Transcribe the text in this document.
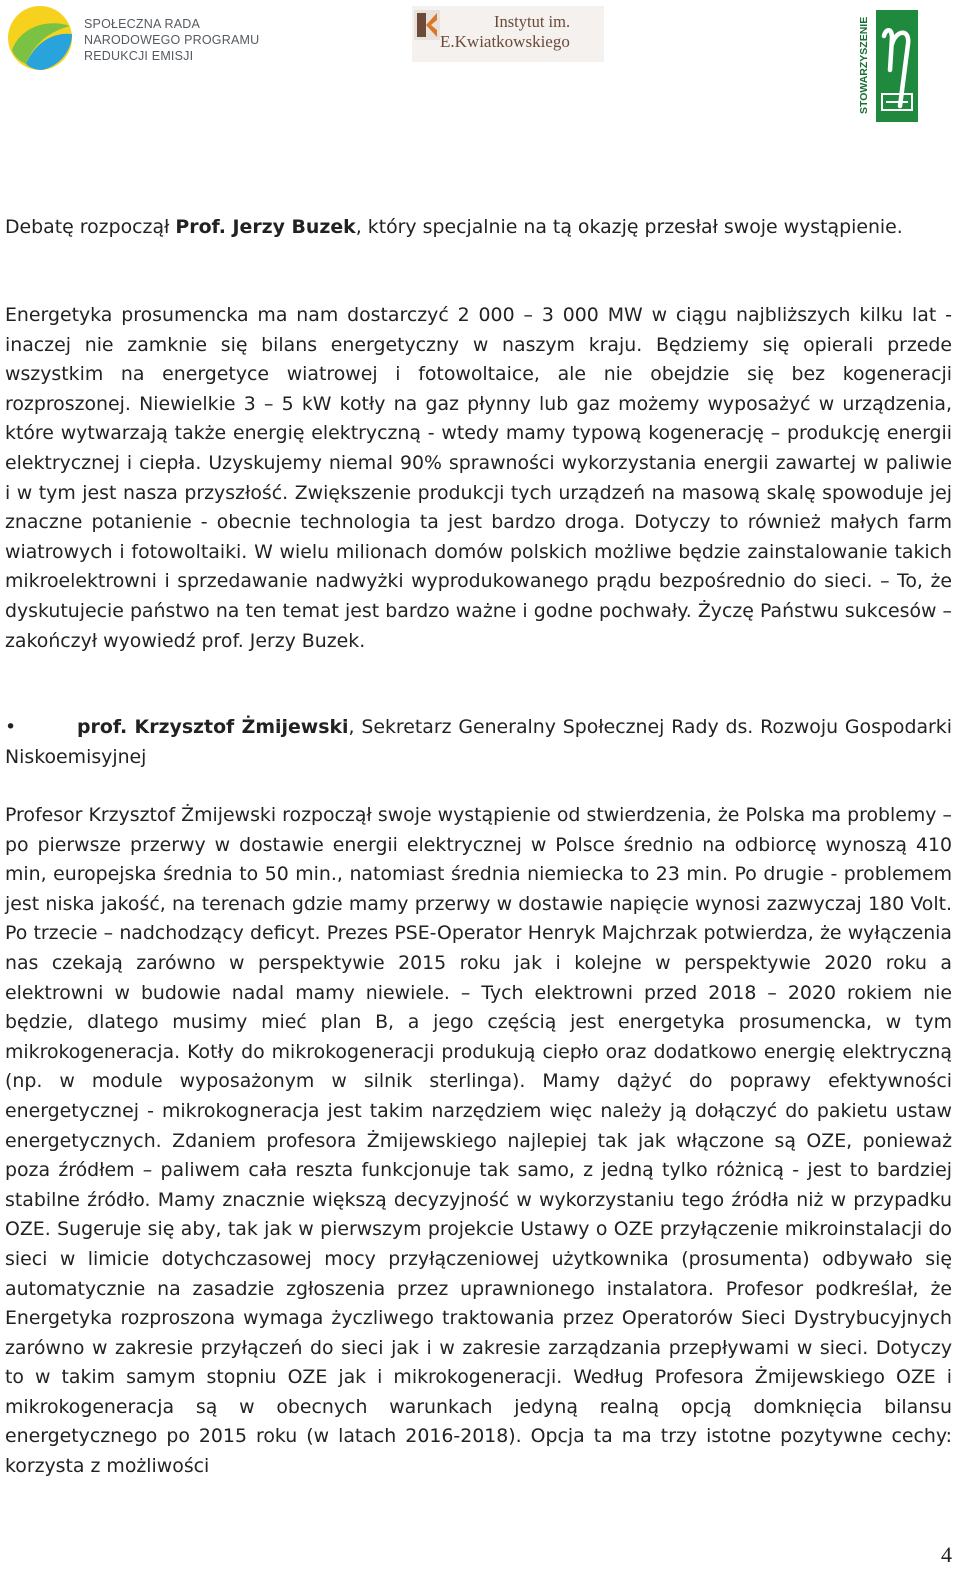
SPOŁECZNA RADA
NARODOWEGO PROGRAMU
REDUKCJI EMISJI
Instytut im.
E.Kwiatkowskiego	STOWARZYSZENIE

Debatę rozpoczął Prof. Jerzy Buzek, który specjalnie na tą okazję przesłał swoje wystąpienie.

Energetyka prosumencka ma nam dostarczyć 2 000 – 3 000 MW w ciągu najbliższych kilku lat - inaczej nie zamknie się bilans energetyczny w naszym kraju. Będziemy się opierali przede wszystkim na energetyce wiatrowej i fotowoltaice, ale nie obejdzie się bez kogeneracji rozproszonej. Niewielkie 3 – 5 kW kotły na gaz płynny lub gaz możemy wyposażyć w urządzenia, które wytwarzają także energię elektryczną - wtedy mamy typową kogenerację – produkcję energii elektrycznej i ciepła. Uzyskujemy niemal 90% sprawności wykorzystania energii zawartej w paliwie i w tym jest nasza przyszłość. Zwiększenie produkcji tych urządzeń na masową skalę spowoduje jej znaczne potanienie - obecnie technologia ta jest bardzo droga. Dotyczy to również małych farm wiatrowych i fotowoltaiki. W wielu milionach domów polskich możliwe będzie zainstalowanie takich mikroelektrowni i sprzedawanie nadwyżki wyprodukowanego prądu bezpośrednio do sieci. – To, że dyskutujecie państwo na ten temat jest bardzo ważne i godne pochwały. Życzę Państwu sukcesów – zakończył wyowiedź prof. Jerzy Buzek.

•	prof. Krzysztof Żmijewski, Sekretarz Generalny Społecznej Rady ds. Rozwoju Gospodarki Niskoemisyjnej

Profesor Krzysztof Żmijewski rozpoczął swoje wystąpienie od stwierdzenia, że Polska ma problemy – po pierwsze przerwy w dostawie energii elektrycznej w Polsce średnio na odbiorcę wynoszą 410 min, europejska średnia to 50 min., natomiast średnia niemiecka to 23 min. Po drugie - problemem jest niska jakość, na terenach gdzie mamy przerwy w dostawie napięcie wynosi zazwyczaj 180 Volt. Po trzecie – nadchodzący deficyt. Prezes PSE-Operator Henryk Majchrzak potwierdza, że wyłączenia nas czekają zarówno w perspektywie 2015 roku jak i kolejne w perspektywie 2020 roku a elektrowni w budowie nadal mamy niewiele. – Tych elektrowni przed 2018 – 2020 rokiem nie będzie, dlatego musimy mieć plan B, a jego częścią jest energetyka prosumencka, w tym mikrokogeneracja. Kotły do mikrokogeneracji produkują ciepło oraz dodatkowo energię elektryczną (np. w module wyposażonym w silnik sterlinga). Mamy dążyć do poprawy efektywności energetycznej - mikrokogneracja jest takim narzędziem więc należy ją dołączyć do pakietu ustaw energetycznych. Zdaniem profesora Żmijewskiego najlepiej tak jak włączone są OZE, ponieważ poza źródłem – paliwem cała reszta funkcjonuje tak samo, z jedną tylko różnicą - jest to bardziej stabilne źródło. Mamy znacznie większą decyzyjność w wykorzystaniu tego źródła niż w przypadku OZE. Sugeruje się aby, tak jak w pierwszym projekcie Ustawy o OZE przyłączenie mikroinstalacji do sieci w limicie dotychczasowej mocy przyłączeniowej użytkownika (prosumenta) odbywało się automatycznie na zasadzie zgłoszenia przez uprawnionego instalatora. Profesor podkreślał, że Energetyka rozproszona wymaga życzliwego traktowania przez Operatorów Sieci Dystrybucyjnych zarówno w zakresie przyłączeń do sieci jak i w zakresie zarządzania przepływami w sieci. Dotyczy to w takim samym stopniu OZE jak i mikrokogeneracji. Według Profesora Żmijewskiego OZE i mikrokogeneracja są w obecnych warunkach jedyną realną opcją domknięcia bilansu energetycznego po 2015 roku (w latach 2016-2018). Opcja ta ma trzy istotne pozytywne cechy: korzysta z możliwości

4
